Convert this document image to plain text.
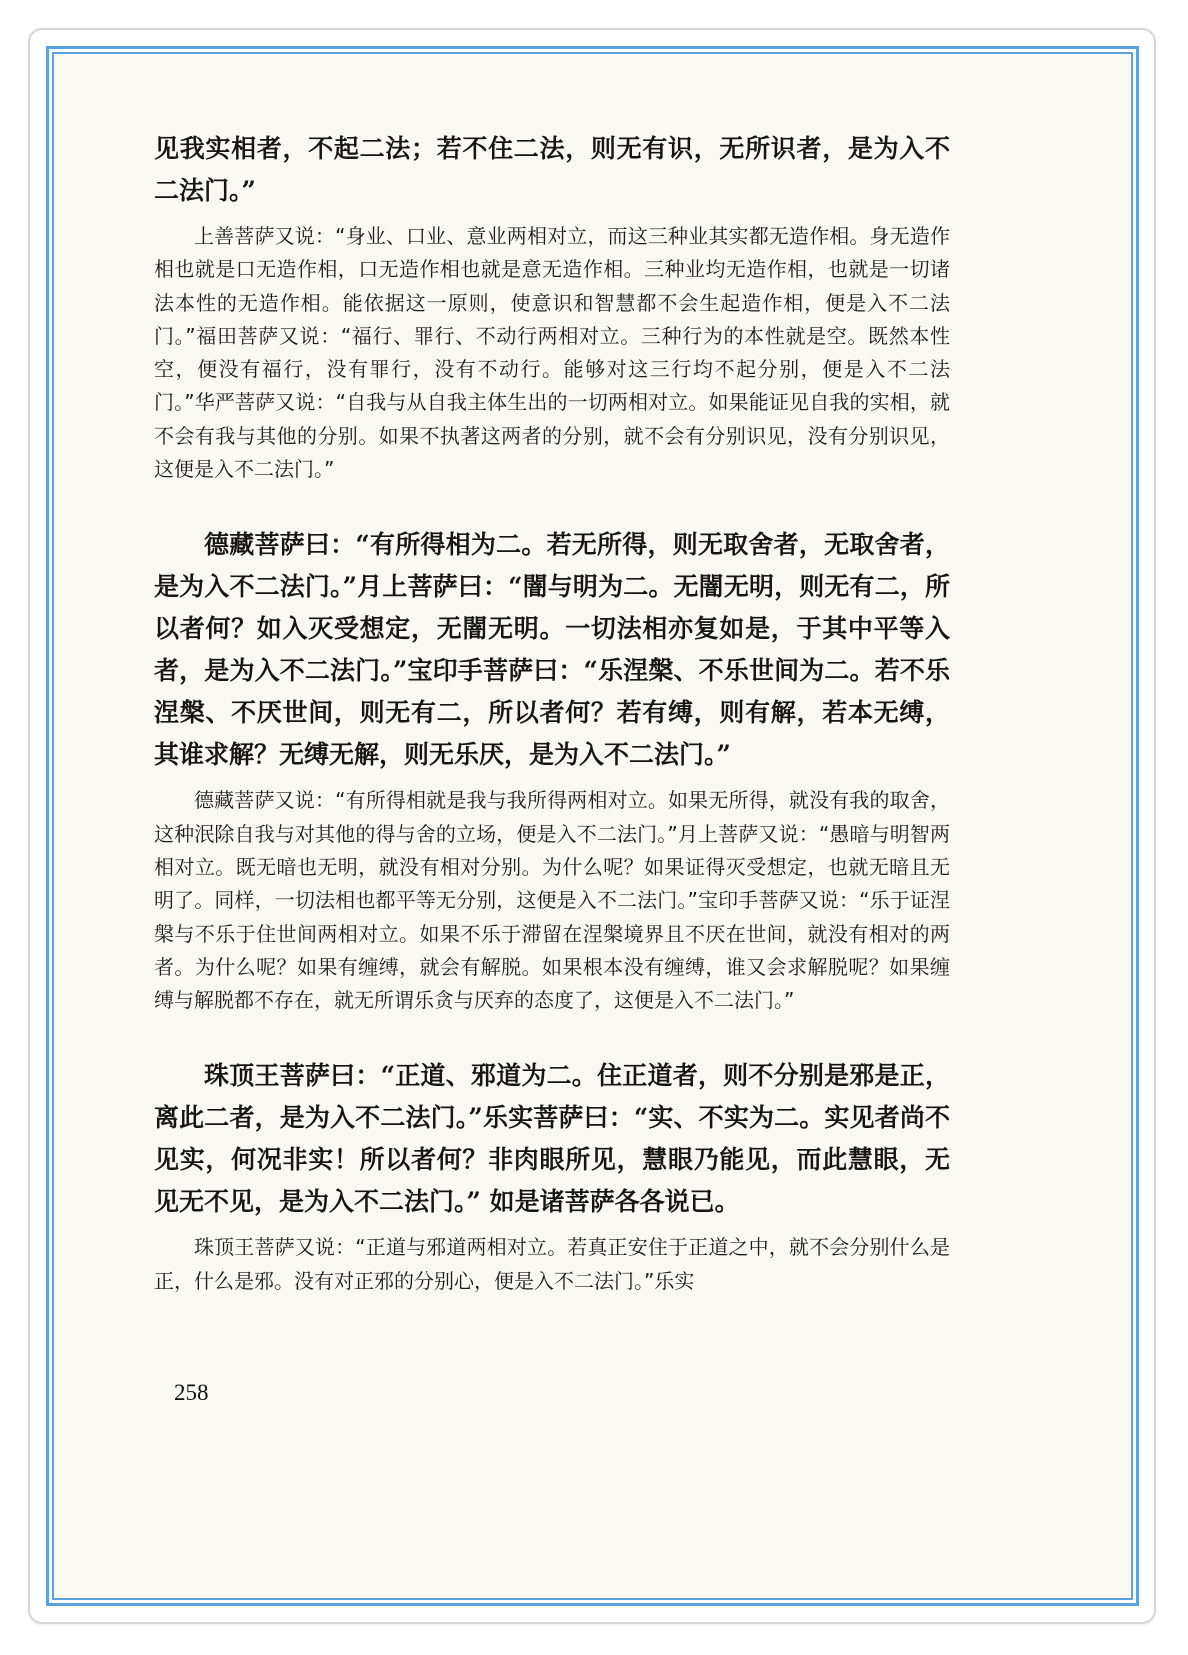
见我实相者，不起二法；若不住二法，则无有识，无所识者，是为入不二法门。”

上善菩萨又说：“身业、口业、意业两相对立，而这三种业其实都无造作相。身无造作相也就是口无造作相，口无造作相也就是意无造作相。三种业均无造作相，也就是一切诸法本性的无造作相。能依据这一原则，使意识和智慧都不会生起造作相，便是入不二法门。”福田菩萨又说：“福行、罪行、不动行两相对立。三种行为的本性就是空。既然本性空，便没有福行，没有罪行，没有不动行。能够对这三行均不起分别，便是入不二法门。”华严菩萨又说：“自我与从自我主体生出的一切两相对立。如果能证见自我的实相，就不会有我与其他的分别。如果不执著这两者的分别，就不会有分别识见，没有分别识见，这便是入不二法门。”

德藏菩萨曰：“有所得相为二。若无所得，则无取舍者，无取舍者，是为入不二法门。”月上菩萨曰：“闇与明为二。无闇无明，则无有二，所以者何？如入灭受想定，无闇无明。一切法相亦复如是，于其中平等入者，是为入不二法门。”宝印手菩萨曰：“乐涅槃、不乐世间为二。若不乐涅槃、不厌世间，则无有二，所以者何？若有缚，则有解，若本无缚，其谁求解？无缚无解，则无乐厌，是为入不二法门。”

德藏菩萨又说：“有所得相就是我与我所得两相对立。如果无所得，就没有我的取舍，这种泯除自我与对其他的得与舍的立场，便是入不二法门。”月上菩萨又说：“愚暗与明智两相对立。既无暗也无明，就没有相对分别。为什么呢？如果证得灭受想定，也就无暗且无明了。同样，一切法相也都平等无分别，这便是入不二法门。”宝印手菩萨又说：“乐于证涅槃与不乐于住世间两相对立。如果不乐于滞留在涅槃境界且不厌在世间，就没有相对的两者。为什么呢？如果有缠缚，就会有解脱。如果根本没有缠缚，谁又会求解脱呢？如果缠缚与解脱都不存在，就无所谓乐贪与厌弃的态度了，这便是入不二法门。”

珠顶王菩萨曰：“正道、邪道为二。住正道者，则不分别是邪是正，离此二者，是为入不二法门。”乐实菩萨曰：“实、不实为二。实见者尚不见实，何况非实！所以者何？非肉眼所见，慧眼乃能见，而此慧眼，无见无不见，是为入不二法门。” 如是诸菩萨各各说已。

珠顶王菩萨又说：“正道与邪道两相对立。若真正安住于正道之中，就不会分别什么是正，什么是邪。没有对正邪的分别心，便是入不二法门。”乐实

258
